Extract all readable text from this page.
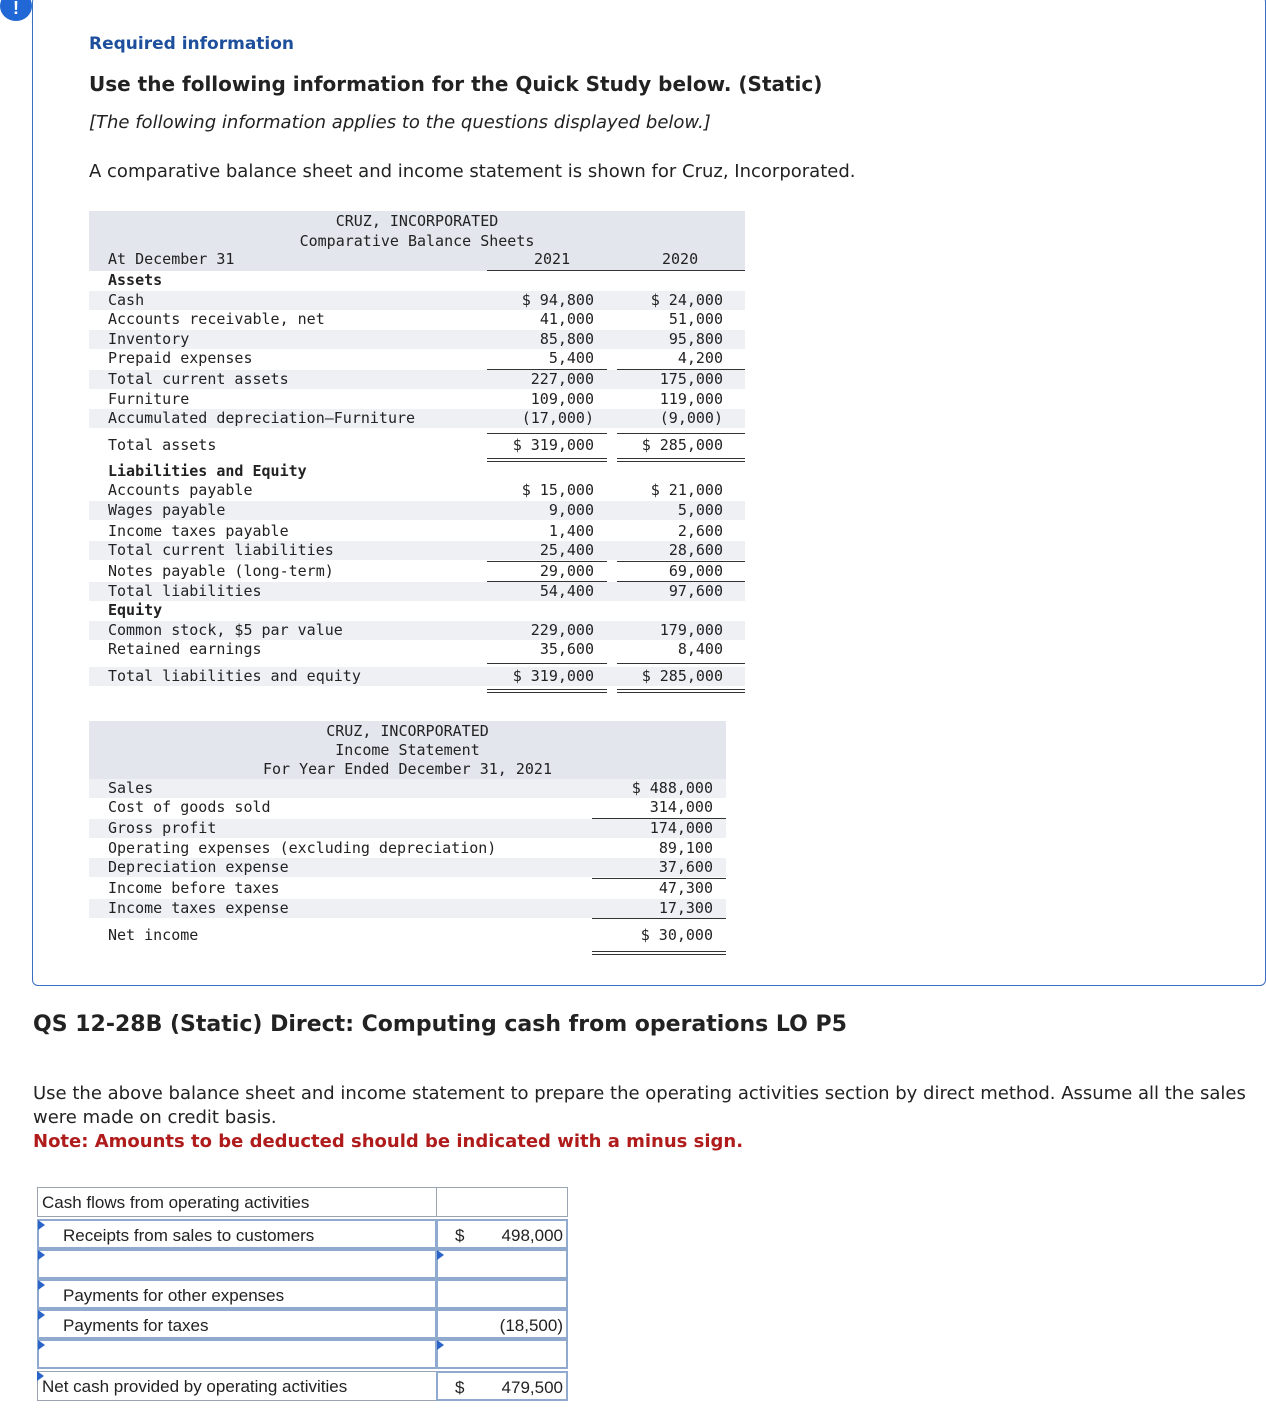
!
Required information
Use the following information for the Quick Study below. (Static)
[The following information applies to the questions displayed below.]
A comparative balance sheet and income statement is shown for Cruz, Incorporated.
CRUZ, INCORPORATED
Comparative Balance Sheets
At December 31	2021	2020
Assets
Cash	$ 94,800	$ 24,000
Accounts receivable, net	41,000	51,000
Inventory	85,800	95,800
Prepaid expenses	5,400	4,200
Total current assets	227,000	175,000
Furniture	109,000	119,000
Accumulated depreciation—Furniture	(17,000)	(9,000)
Total assets	$ 319,000	$ 285,000
Liabilities and Equity
Accounts payable	$ 15,000	$ 21,000
Wages payable	9,000	5,000
Income taxes payable	1,400	2,600
Total current liabilities	25,400	28,600
Notes payable (long-term)	29,000	69,000
Total liabilities	54,400	97,600
Equity
Common stock, $5 par value	229,000	179,000
Retained earnings	35,600	8,400
Total liabilities and equity	$ 319,000	$ 285,000
CRUZ, INCORPORATED
Income Statement
For Year Ended December 31, 2021
Sales	$ 488,000
Cost of goods sold	314,000
Gross profit	174,000
Operating expenses (excluding depreciation)	89,100
Depreciation expense	37,600
Income before taxes	47,300
Income taxes expense	17,300
Net income	$ 30,000
QS 12-28B (Static) Direct: Computing cash from operations LO P5
Use the above balance sheet and income statement to prepare the operating activities section by direct method. Assume all the sales were made on credit basis.
Note: Amounts to be deducted should be indicated with a minus sign.
Cash flows from operating activities
Receipts from sales to customers	$ 498,000
Payments for other expenses
Payments for taxes	(18,500)
Net cash provided by operating activities	$ 479,500
